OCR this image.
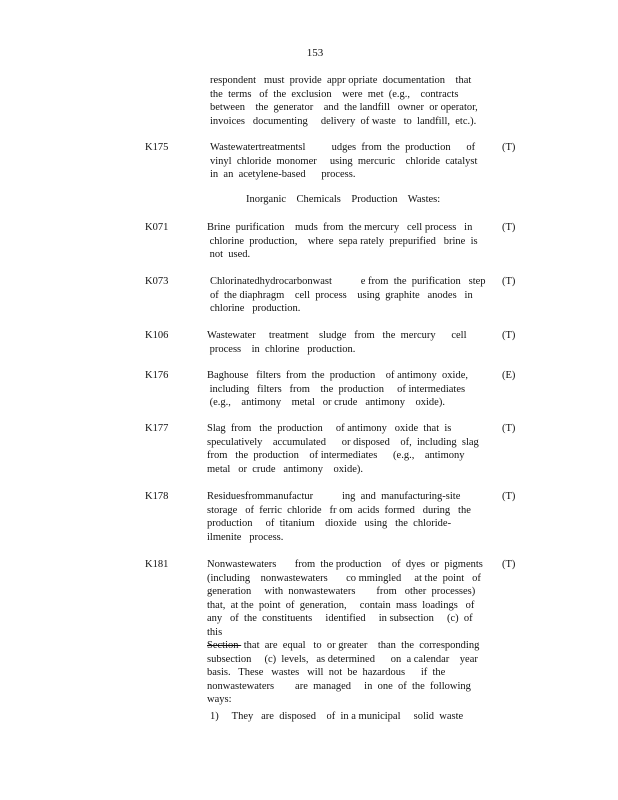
153
respondent   must  provide  appr opriate  documentation    that
the  terms   of  the  exclusion    were  met  (e.g.,    contracts
between    the  generator    and  the landfill   owner  or operator,
invoices   documenting     delivery  of waste   to  landfill,  etc.).
K175	Wastewatertreatmentsl          udges  from  the  production      of
vinyl  chloride  monomer     using  mercuric    chloride  catalyst
in  an  acetylene-based      process.
(T)
Inorganic    Chemicals    Production    Wastes:
K071	Brine  purification    muds  from  the mercury   cell process   in
chlorine  production,    where  sepa rately  prepurified   brine  is
not  used.
(T)
K073	Chlorinatedhydrocarbonwast           e from  the  purification   step
of  the diaphragm    cell  process    using  graphite   anodes   in
chlorine   production.
(T)
K106	Wastewater     treatment    sludge   from   the  mercury      cell
process    in  chlorine   production.
(T)
K176	Baghouse   filters  from  the  production    of antimony  oxide,
including   filters   from    the  production     of intermediates
(e.g.,    antimony    metal   or crude   antimony    oxide).
(E)
K177	Slag  from   the  production     of antimony   oxide  that  is
speculatively    accumulated      or disposed    of,  including  slag
from   the  production    of intermediates      (e.g.,    antimony
metal   or  crude   antimony    oxide).
(T)
K178	Residuesfrommanufactur           ing  and  manufacturing-site
storage   of  ferric  chloride   fr om  acids  formed   during   the
production     of  titanium    dioxide   using   the  chloride-
ilmenite   process.
(T)
K181	Nonwastewaters       from  the production    of  dyes  or  pigments
(including    nonwastewaters       co mmingled     at the  point   of
generation     with  nonwastewaters        from   other  processes)
that,  at the  point  of  generation,     contain  mass  loadings   of
any   of  the  constituents     identified     in subsection     (c)  of this
Section  that  are  equal   to  or greater    than  the  corresponding
subsection     (c)  levels,   as determined      on  a calendar    year
basis.   These   wastes   will  not  be  hazardous      if  the
nonwastewaters        are  managed     in  one  of  the  following
ways:
(T)
1)     They   are  disposed    of  in a municipal     solid  waste
